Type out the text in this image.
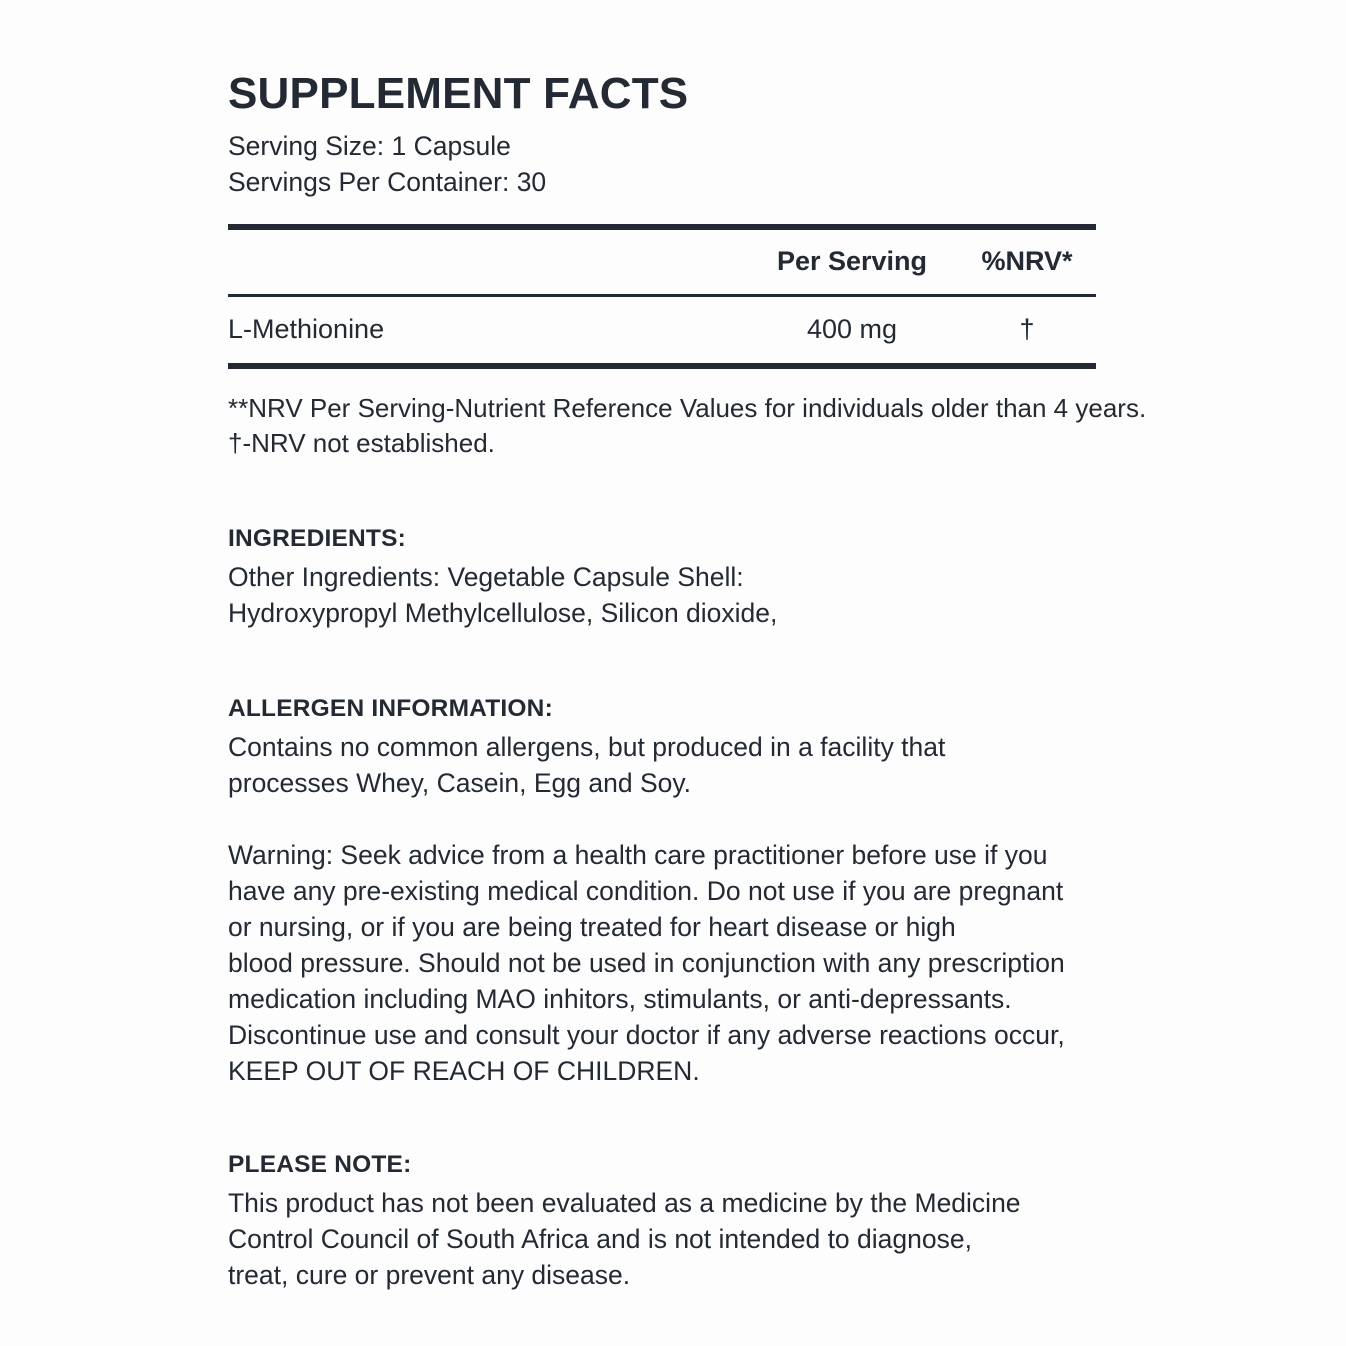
SUPPLEMENT FACTS
Serving Size: 1 Capsule
Servings Per Container: 30

	Per Serving	%NRV*

L-Methionine	400 mg	†

**NRV Per Serving-Nutrient Reference Values for individuals older than 4 years.
†-NRV not established.
INGREDIENTS:
Other Ingredients: Vegetable Capsule Shell:
Hydroxypropyl Methylcellulose, Silicon dioxide,
ALLERGEN INFORMATION:
Contains no common allergens, but produced in a facility that
processes Whey, Casein, Egg and Soy.
Warning: Seek advice from a health care practitioner before use if you
have any pre-existing medical condition. Do not use if you are pregnant
or nursing, or if you are being treated for heart disease or high
blood pressure. Should not be used in conjunction with any prescription
medication including MAO inhitors, stimulants, or anti-depressants.
Discontinue use and consult your doctor if any adverse reactions occur,
KEEP OUT OF REACH OF CHILDREN.
PLEASE NOTE:
This product has not been evaluated as a medicine by the Medicine
Control Council of South Africa and is not intended to diagnose,
treat, cure or prevent any disease.
